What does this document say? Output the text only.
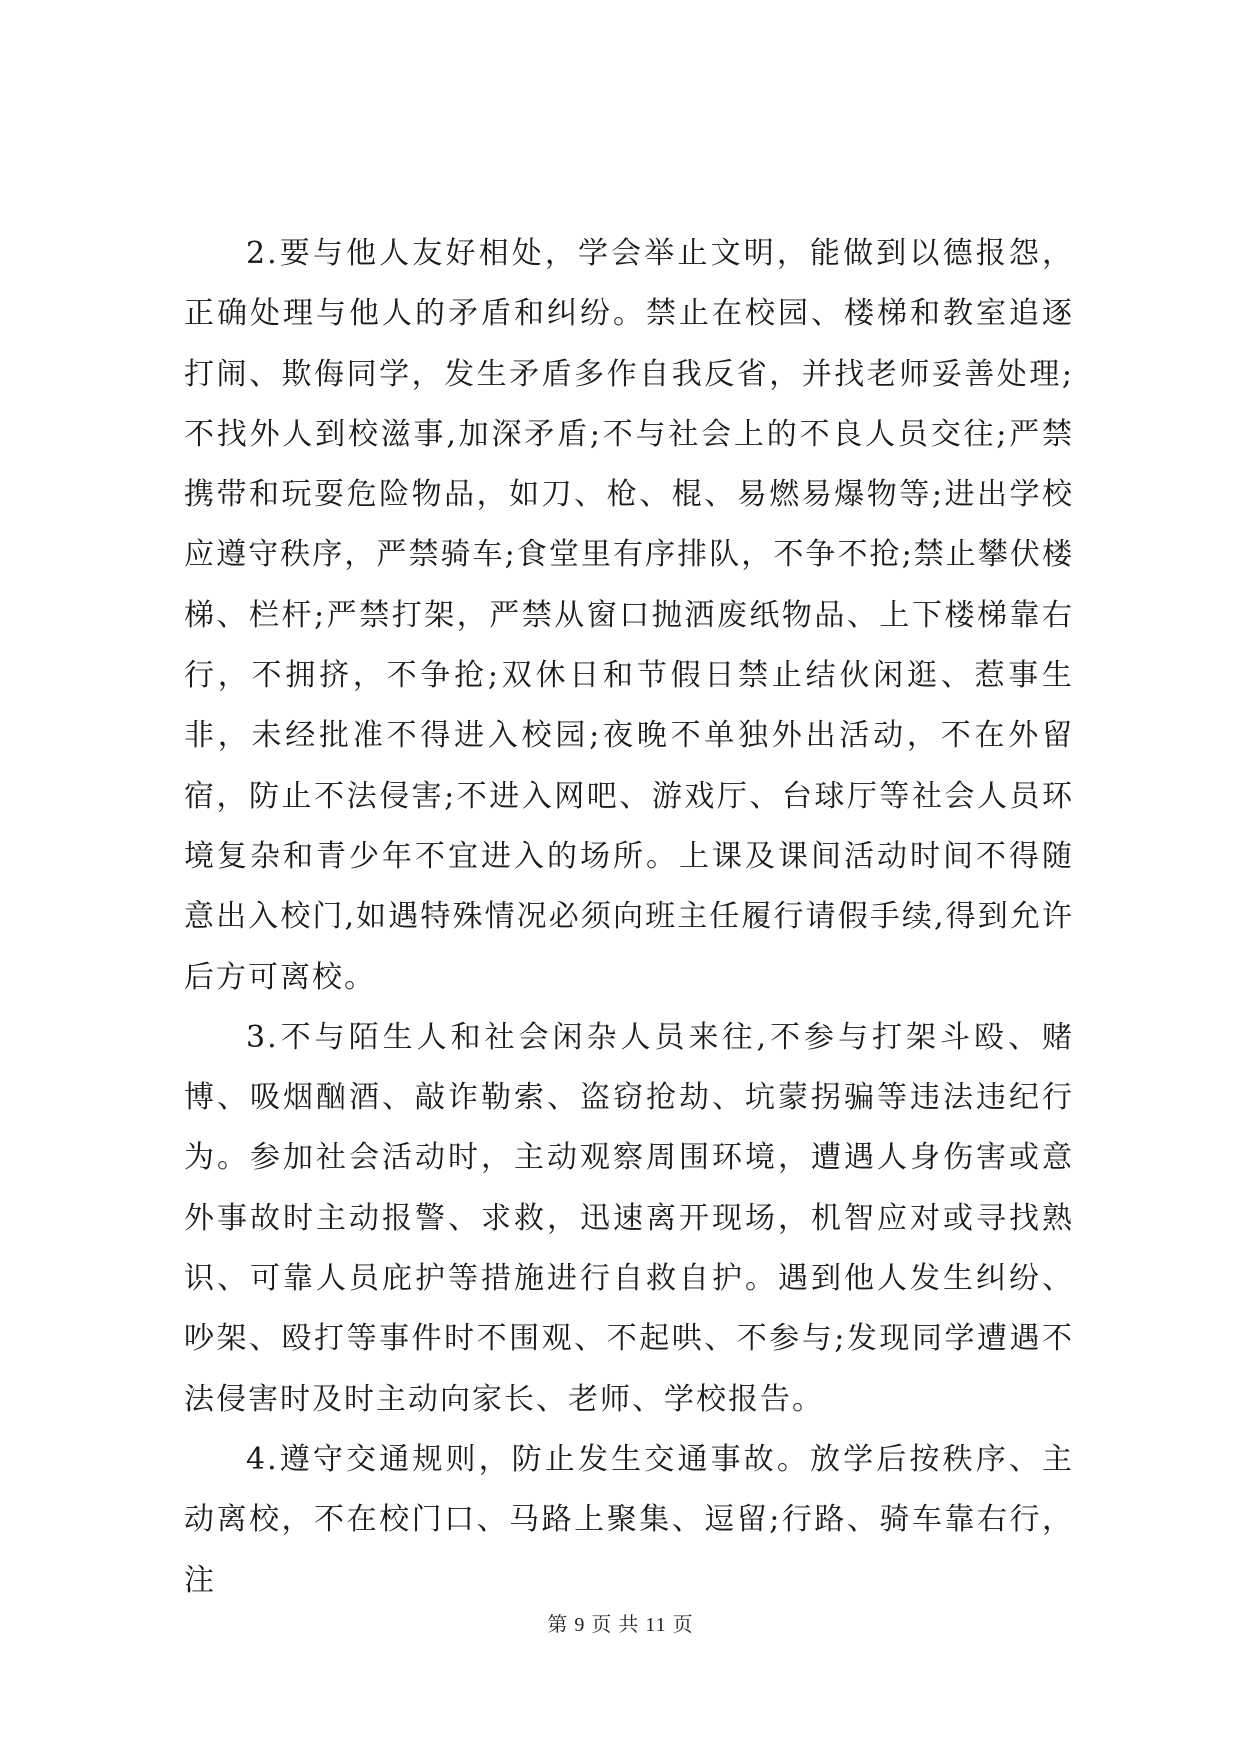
2.要与他人友好相处，学会举止文明，能做到以德报怨，正确处理与他人的矛盾和纠纷。禁止在校园、楼梯和教室追逐打闹、欺侮同学，发生矛盾多作自我反省，并找老师妥善处理;不找外人到校滋事,加深矛盾;不与社会上的不良人员交往;严禁携带和玩耍危险物品，如刀、枪、棍、易燃易爆物等;进出学校应遵守秩序，严禁骑车;食堂里有序排队，不争不抢;禁止攀伏楼梯、栏杆;严禁打架，严禁从窗口抛洒废纸物品、上下楼梯靠右行，不拥挤，不争抢;双休日和节假日禁止结伙闲逛、惹事生非，未经批准不得进入校园;夜晚不单独外出活动，不在外留宿，防止不法侵害;不进入网吧、游戏厅、台球厅等社会人员环境复杂和青少年不宜进入的场所。上课及课间活动时间不得随意出入校门,如遇特殊情况必须向班主任履行请假手续,得到允许后方可离校。

3.不与陌生人和社会闲杂人员来往,不参与打架斗殴、赌博、吸烟酗酒、敲诈勒索、盗窃抢劫、坑蒙拐骗等违法违纪行为。参加社会活动时，主动观察周围环境，遭遇人身伤害或意外事故时主动报警、求救，迅速离开现场，机智应对或寻找熟识、可靠人员庇护等措施进行自救自护。遇到他人发生纠纷、吵架、殴打等事件时不围观、不起哄、不参与;发现同学遭遇不法侵害时及时主动向家长、老师、学校报告。

4.遵守交通规则，防止发生交通事故。放学后按秩序、主动离校，不在校门口、马路上聚集、逗留;行路、骑车靠右行，注

第 9 页 共 11 页
